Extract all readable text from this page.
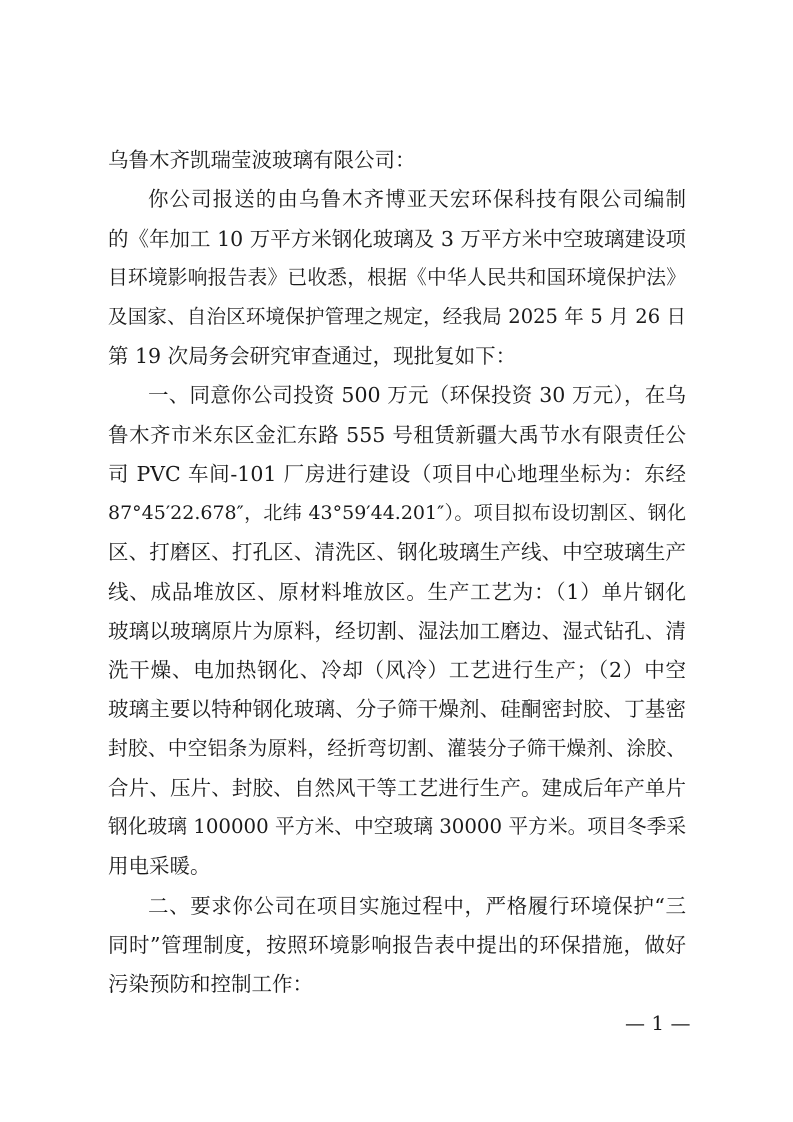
乌鲁木齐凯瑞莹波玻璃有限公司：
你公司报送的由乌鲁木齐博亚天宏环保科技有限公司编制
的《年加工 10 万平方米钢化玻璃及 3 万平方米中空玻璃建设项
目环境影响报告表》已收悉，根据《中华人民共和国环境保护法》
及国家、自治区环境保护管理之规定，经我局 2025 年 5 月 26 日
第 19 次局务会研究审查通过，现批复如下：
一、同意你公司投资 500 万元（环保投资 30 万元），在乌
鲁木齐市米东区金汇东路 555 号租赁新疆大禹节水有限责任公
司 PVC 车间-101 厂房进行建设（项目中心地理坐标为：东经
87°45′22.678″，北纬 43°59′44.201″）。项目拟布设切割区、钢化
区、打磨区、打孔区、清洗区、钢化玻璃生产线、中空玻璃生产
线、成品堆放区、原材料堆放区。生产工艺为：（1）单片钢化
玻璃以玻璃原片为原料，经切割、湿法加工磨边、湿式钻孔、清
洗干燥、电加热钢化、冷却（风冷）工艺进行生产；（2）中空
玻璃主要以特种钢化玻璃、分子筛干燥剂、硅酮密封胶、丁基密
封胶、中空铝条为原料，经折弯切割、灌装分子筛干燥剂、涂胶、
合片、压片、封胶、自然风干等工艺进行生产。建成后年产单片
钢化玻璃 100000 平方米、中空玻璃 30000 平方米。项目冬季采
用电采暖。
二、要求你公司在项目实施过程中，严格履行环境保护“三
同时”管理制度，按照环境影响报告表中提出的环保措施，做好
污染预防和控制工作：
— 1 —
